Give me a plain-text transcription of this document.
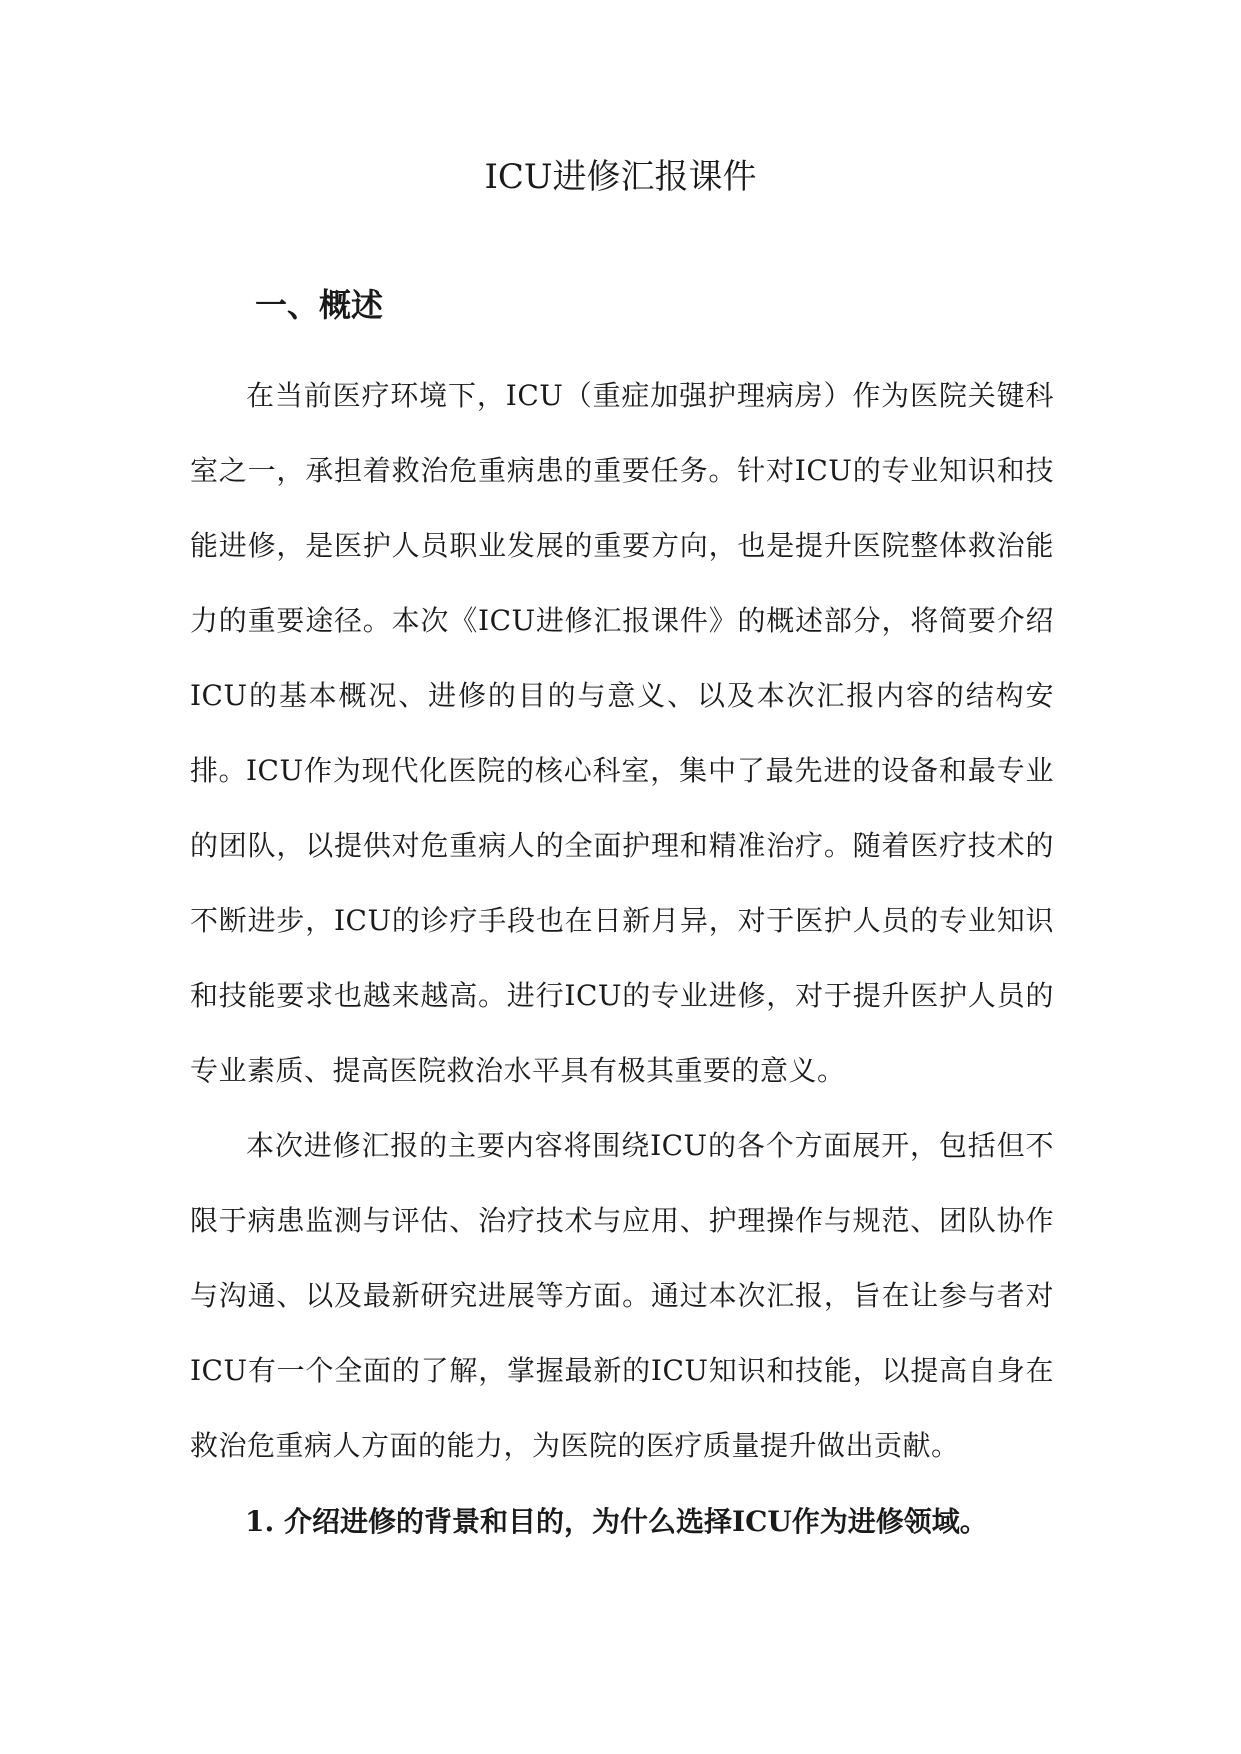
ICU进修汇报课件
一、概述

在当前医疗环境下，ICU（重症加强护理病房）作为医院关键科室之一，承担着救治危重病患的重要任务。针对ICU的专业知识和技能进修，是医护人员职业发展的重要方向，也是提升医院整体救治能力的重要途径。本次《ICU进修汇报课件》的概述部分，将简要介绍ICU的基本概况、进修的目的与意义、以及本次汇报内容的结构安排。

ICU作为现代化医院的核心科室，集中了最先进的设备和最专业的团队，以提供对危重病人的全面护理和精准治疗。随着医疗技术的不断进步，ICU的诊疗手段也在日新月异，对于医护人员的专业知识和技能要求也越来越高。进行ICU的专业进修，对于提升医护人员的专业素质、提高医院救治水平具有极其重要的意义。

本次进修汇报的主要内容将围绕ICU的各个方面展开，包括但不限于病患监测与评估、治疗技术与应用、护理操作与规范、团队协作与沟通、以及最新研究进展等方面。通过本次汇报，旨在让参与者对ICU有一个全面的了解，掌握最新的ICU知识和技能，以提高自身在救治危重病人方面的能力，为医院的医疗质量提升做出贡献。

1. 介绍进修的背景和目的，为什么选择ICU作为进修领域。
